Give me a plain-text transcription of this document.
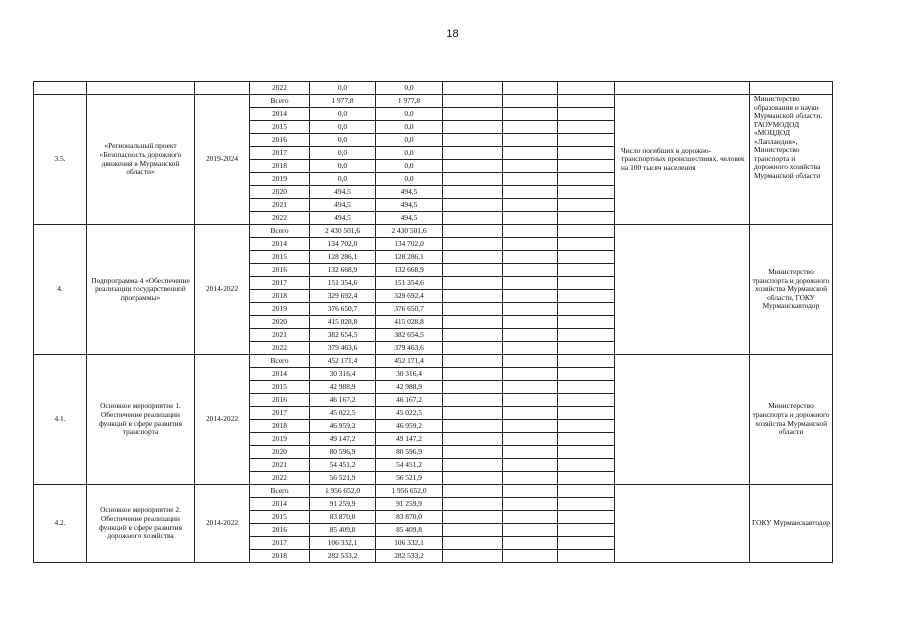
18
			2022	0,0	0,0					
3.5.	«Региональный проект «Безопасность дорожного движения в Мурманской области»	2019-2024	Всего	1 977,8	1 977,8				Число погибших в дорожно-транспортных происшествиях, человек на 100 тысяч населения	Министерство образования и науки Мурманской области, ГАОУМОДОД «МОЦДОД «Лапландия», Министерство транспорта и дорожного хозяйства Мурманской области
			2014	0,0	0,0					
			2015	0,0	0,0					
			2016	0,0	0,0					
			2017	0,0	0,0					
			2018	0,0	0,0					
			2019	0,0	0,0					
			2020	494,5	494,5					
			2021	494,5	494,5					
			2022	494,5	494,5					
4.	Подпрограмма 4 «Обеспечение реализации государственной программы»	2014-2022	Всего	2 430 501,6	2 430 501,6					Министерство транспорта и дорожного хозяйства Мурманской области, ГОКУ Мурманскавтодор
			2014	134 702,0	134 702,0					
			2015	128 286,1	128 286,1					
			2016	132 668,9	132 668,9					
			2017	151 354,6	151 354,6					
			2018	329 692,4	329 692,4					
			2019	376 650,7	376 650,7					
			2020	415 028,8	415 028,8					
			2021	382 654,5	382 654,5					
			2022	379 463,6	379 463,6					
4.1.	Основное мероприятие 1. Обеспечение реализации функций в сфере развития транспорта	2014-2022	Всего	452 171,4	452 171,4					Министерство транспорта и дорожного хозяйства Мурманской области
			2014	30 316,4	30 316,4					
			2015	42 988,9	42 988,9					
			2016	46 167,2	46 167,2					
			2017	45 022,5	45 022,5					
			2018	46 959,2	46 959,2					
			2019	49 147,2	49 147,2					
			2020	80 596,9	80 596,9					
			2021	54 451,2	54 451,2					
			2022	56 521,9	56 521,9					
4.2.	Основное мероприятие 2. Обеспечение реализации функций в сфере развития дорожного хозяйства	2014-2022	Всего	1 956 652,0	1 956 652,0					ГОКУ Мурманскавтодор
			2014	91 259,9	91 259,9					
			2015	83 870,0	83 870,0					
			2016	85 409,8	85 409,8					
			2017	106 332,1	106 332,1					
			2018	282 533,2	282 533,2					
